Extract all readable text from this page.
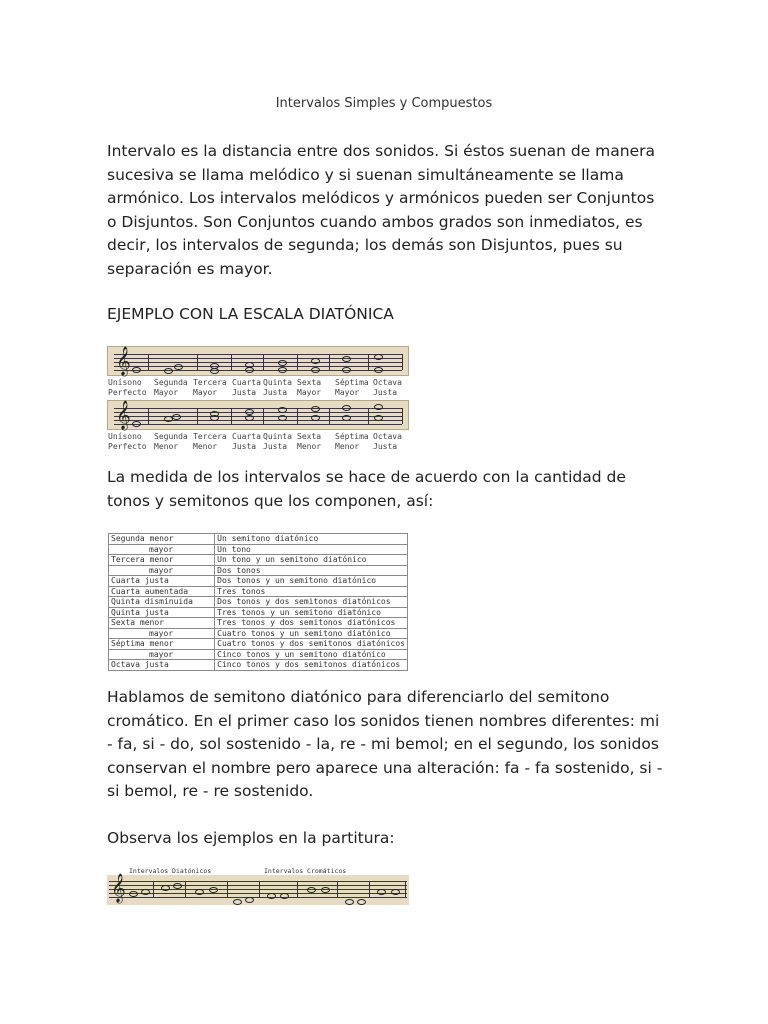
Intervalos Simples y Compuestos

Intervalo es la distancia entre dos sonidos. Si éstos suenan de manera sucesiva se llama melódico y si suenan simultáneamente se llama armónico. Los intervalos melódicos y armónicos pueden ser Conjuntos o Disjuntos. Son Conjuntos cuando ambos grados son inmediatos, es decir, los intervalos de segunda; los demás son Disjuntos, pues su separación es mayor.

EJEMPLO CON LA ESCALA DIATÓNICA

𝄞
Unísono Segunda Tercera Cuarta Quinta Sexta Séptima Octava
Perfecto Mayor Mayor Justa Justa Mayor Mayor Justa
𝄞
Unísono Segunda Tercera Cuarta Quinta Sexta Séptima Octava
Perfecto Menor Menor Justa Justa Menor Menor Justa

La medida de los intervalos se hace de acuerdo con la cantidad de tonos y semitonos que los componen, así:

Segunda menor	Un semitono diatónico
mayor	Un tono
Tercera menor	Un tono y un semitono diatónico
mayor	Dos tonos
Cuarta justa	Dos tonos y un semitono diatónico
Cuarta aumentada	Tres tonos
Quinta disminuida	Dos tonos y dos semitonos diatónicos
Quinta justa	Tres tonos y un semitono diatónico
Sexta menor	Tres tonos y dos semitonos diatónicos
mayor	Cuatro tonos y un semitono diatónico
Séptima menor	Cuatro tonos y dos semitonos diatónicos
mayor	Cinco tonos y un semitono diatónico
Octava justa	Cinco tonos y dos semitonos diatónicos

Hablamos de semitono diatónico para diferenciarlo del semitono cromático. En el primer caso los sonidos tienen nombres diferentes: mi - fa, si - do, sol sostenido - la, re - mi bemol; en el segundo, los sonidos conservan el nombre pero aparece una alteración: fa - fa sostenido, si - si bemol, re - re sostenido.

Observa los ejemplos en la partitura:

Intervalos Diatónicos	Intervalos Cromáticos
𝄞
